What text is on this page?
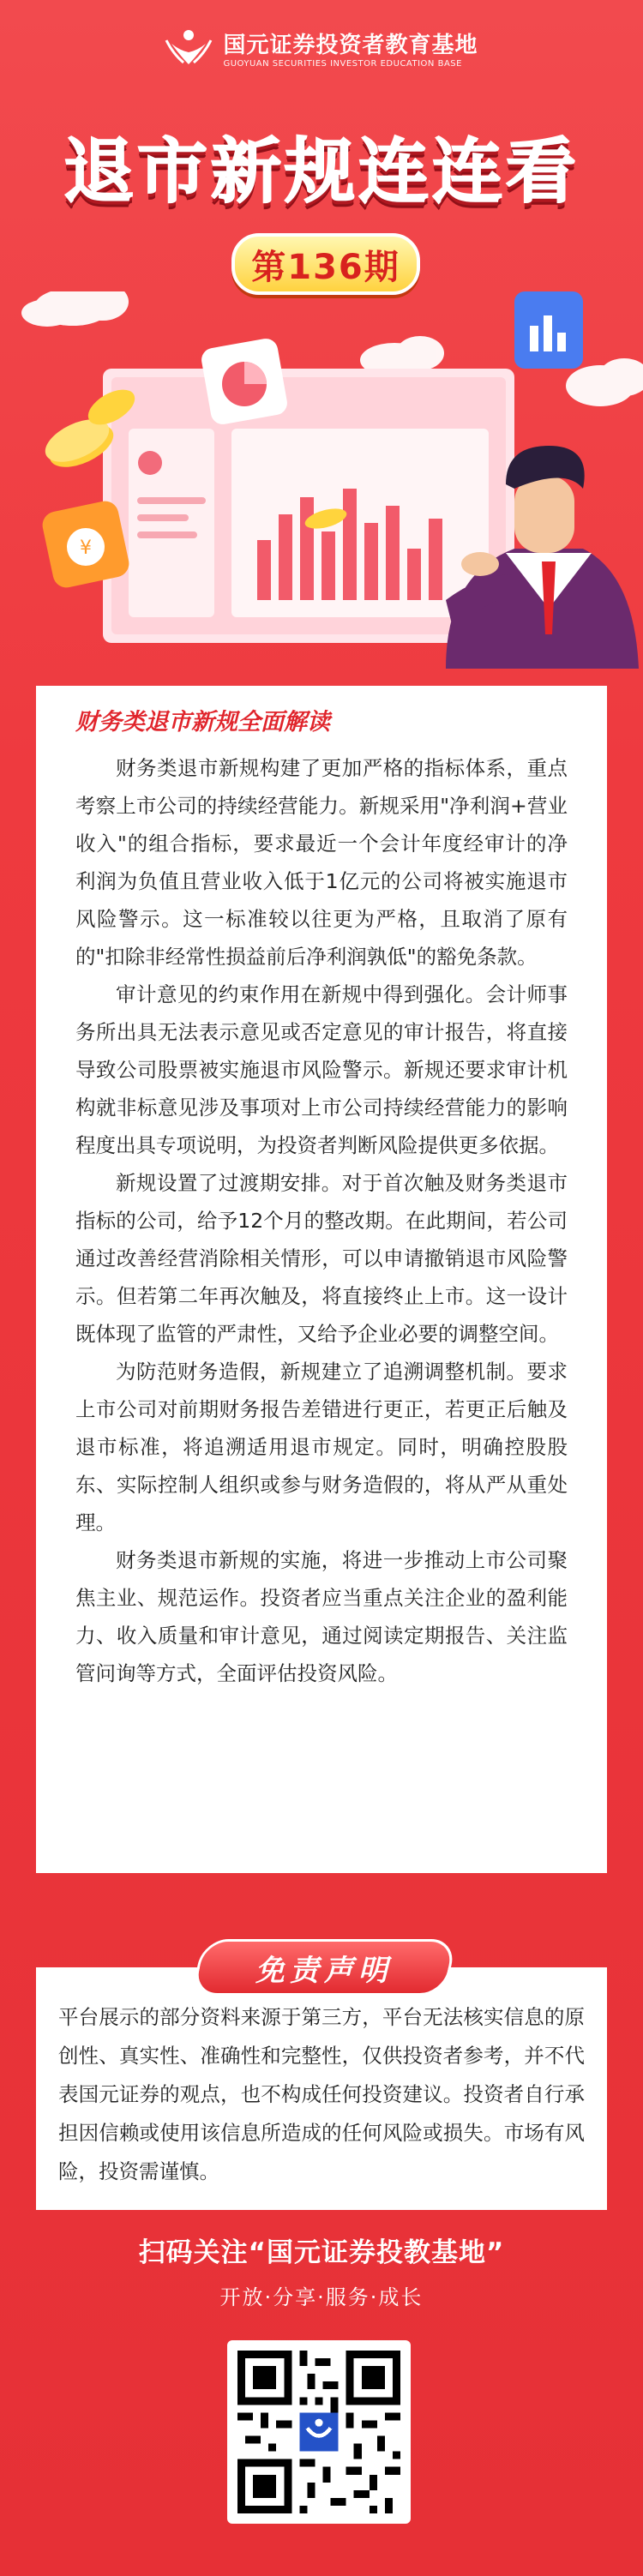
国元证券投资者教育基地
GUOYUAN SECURITIES INVESTOR EDUCATION BASE
退市新规连连看
第136期
¥
财务类退市新规全面解读

财务类退市新规构建了更加严格的指标体系，重点考察上市公司的持续经营能力。新规采用"净利润+营业收入"的组合指标，要求最近一个会计年度经审计的净利润为负值且营业收入低于1亿元的公司将被实施退市风险警示。这一标准较以往更为严格，且取消了原有的"扣除非经常性损益前后净利润孰低"的豁免条款。

审计意见的约束作用在新规中得到强化。会计师事务所出具无法表示意见或否定意见的审计报告，将直接导致公司股票被实施退市风险警示。新规还要求审计机构就非标意见涉及事项对上市公司持续经营能力的影响程度出具专项说明，为投资者判断风险提供更多依据。

新规设置了过渡期安排。对于首次触及财务类退市指标的公司，给予12个月的整改期。在此期间，若公司通过改善经营消除相关情形，可以申请撤销退市风险警示。但若第二年再次触及，将直接终止上市。这一设计既体现了监管的严肃性，又给予企业必要的调整空间。

为防范财务造假，新规建立了追溯调整机制。要求上市公司对前期财务报告差错进行更正，若更正后触及退市标准，将追溯适用退市规定。同时，明确控股股东、实际控制人组织或参与财务造假的，将从严从重处理。

财务类退市新规的实施，将进一步推动上市公司聚焦主业、规范运作。投资者应当重点关注企业的盈利能力、收入质量和审计意见，通过阅读定期报告、关注监管问询等方式，全面评估投资风险。

免责声明
平台展示的部分资料来源于第三方，平台无法核实信息的原创性、真实性、准确性和完整性，仅供投资者参考，并不代表国元证券的观点，也不构成任何投资建议。投资者自行承担因信赖或使用该信息所造成的任何风险或损失。市场有风险，投资需谨慎。
扫码关注“国元证券投教基地”
开放·分享·服务·成长
